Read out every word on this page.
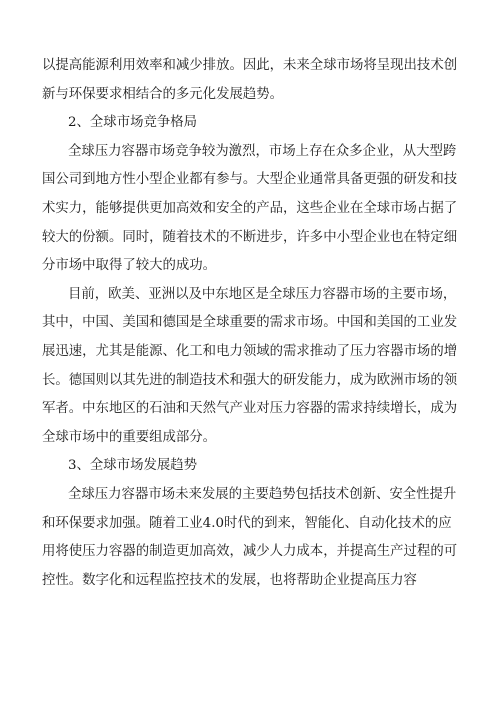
以提高能源利用效率和减少排放。因此，未来全球市场将呈现出技术创新与环保要求相结合的多元化发展趋势。

2、全球市场竞争格局

全球压力容器市场竞争较为激烈，市场上存在众多企业，从大型跨国公司到地方性小型企业都有参与。大型企业通常具备更强的研发和技术实力，能够提供更加高效和安全的产品，这些企业在全球市场占据了较大的份额。同时，随着技术的不断进步，许多中小型企业也在特定细分市场中取得了较大的成功。

目前，欧美、亚洲以及中东地区是全球压力容器市场的主要市场，其中，中国、美国和德国是全球重要的需求市场。中国和美国的工业发展迅速，尤其是能源、化工和电力领域的需求推动了压力容器市场的增长。德国则以其先进的制造技术和强大的研发能力，成为欧洲市场的领军者。中东地区的石油和天然气产业对压力容器的需求持续增长，成为全球市场中的重要组成部分。

3、全球市场发展趋势

全球压力容器市场未来发展的主要趋势包括技术创新、安全性提升和环保要求加强。随着工业4.0时代的到来，智能化、自动化技术的应用将使压力容器的制造更加高效，减少人力成本，并提高生产过程的可控性。数字化和远程监控技术的发展，也将帮助企业提高压力容
